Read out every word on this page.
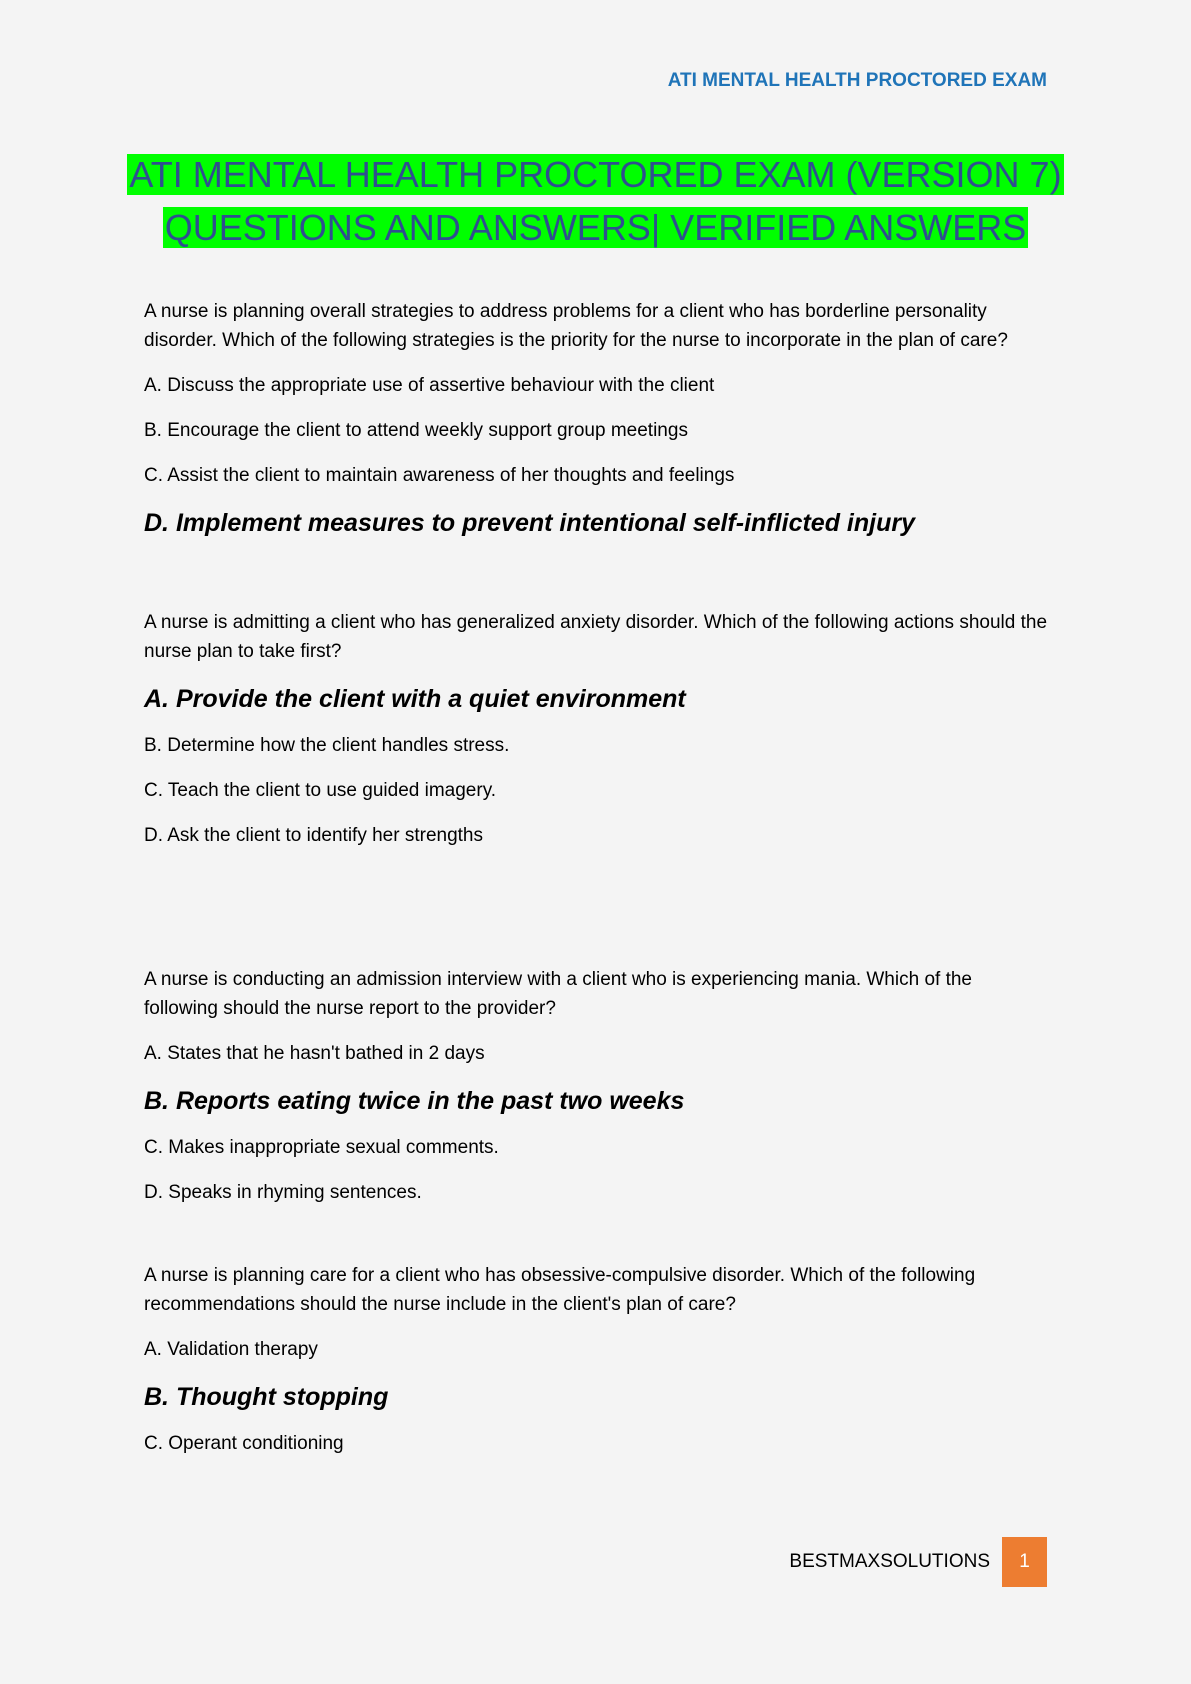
ATI MENTAL HEALTH PROCTORED EXAM
ATI MENTAL HEALTH PROCTORED EXAM (VERSION 7)
QUESTIONS AND ANSWERS| VERIFIED ANSWERS

A nurse is planning overall strategies to address problems for a client who has borderline personality disorder. Which of the following strategies is the priority for the nurse to incorporate in the plan of care?

A. Discuss the appropriate use of assertive behaviour with the client

B. Encourage the client to attend weekly support group meetings

C. Assist the client to maintain awareness of her thoughts and feelings

D. Implement measures to prevent intentional self-inflicted injury

A nurse is admitting a client who has generalized anxiety disorder. Which of the following actions should the nurse plan to take first?

A. Provide the client with a quiet environment

B. Determine how the client handles stress.

C. Teach the client to use guided imagery.

D. Ask the client to identify her strengths

A nurse is conducting an admission interview with a client who is experiencing mania. Which of the following should the nurse report to the provider?

A. States that he hasn't bathed in 2 days

B. Reports eating twice in the past two weeks

C. Makes inappropriate sexual comments.

D. Speaks in rhyming sentences.

A nurse is planning care for a client who has obsessive-compulsive disorder. Which of the following recommendations should the nurse include in the client's plan of care?

A. Validation therapy

B. Thought stopping

C. Operant conditioning

BESTMAXSOLUTIONS	1
